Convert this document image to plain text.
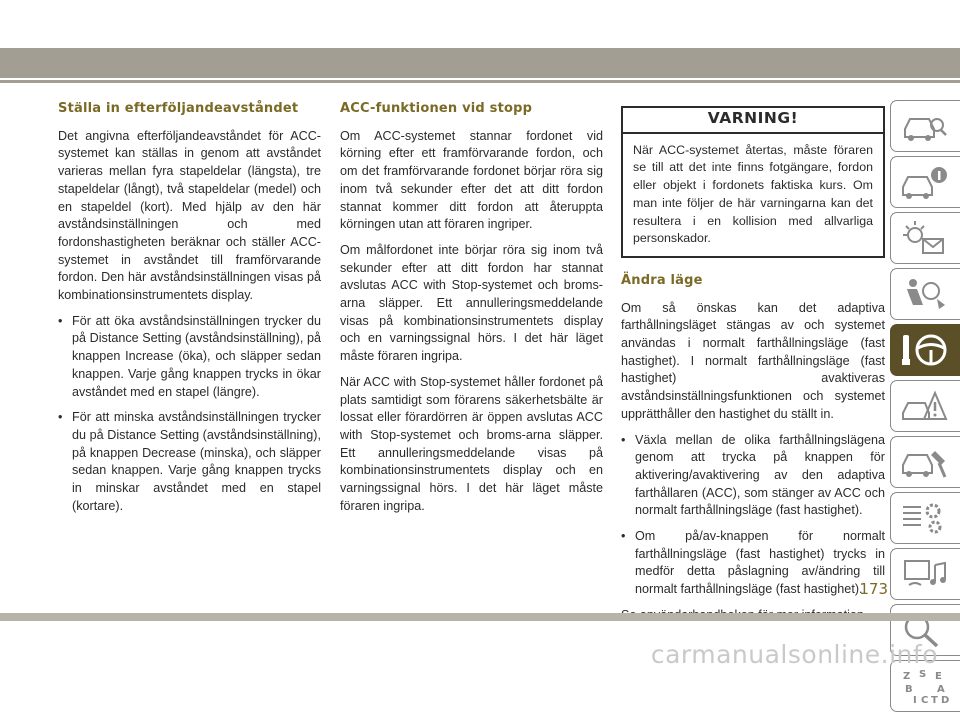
Ställa in efterföljandeavståndet

Det angivna efterföljandeavståndet för ACC-systemet kan ställas in genom att avståndet varieras mellan fyra stapeldelar (längsta), tre stapeldelar (långt), två stapeldelar (medel) och en stapeldel (kort). Med hjälp av den här avståndsinställningen och med fordonshastigheten beräknar och ställer ACC-systemet in avståndet till framförvarande fordon. Den här avståndsinställningen visas på kombinationsinstrumentets display.

• För att öka avståndsinställningen trycker du på Distance Setting (avståndsinställning), på knappen Increase (öka), och släpper sedan knappen. Varje gång knappen trycks in ökar avståndet med en stapel (längre).
• För att minska avståndsinställningen trycker du på Distance Setting (avståndsinställning), på knappen Decrease (minska), och släpper sedan knappen. Varje gång knappen trycks in minskar avståndet med en stapel (kortare).
ACC-funktionen vid stopp

Om ACC-systemet stannar fordonet vid körning efter ett framförvarande fordon, och om det framförvarande fordonet börjar röra sig inom två sekunder efter det att ditt fordon stannat kommer ditt fordon att återuppta körningen utan att föraren ingriper.

Om målfordonet inte börjar röra sig inom två sekunder efter att ditt fordon har stannat avslutas ACC with Stop-systemet och broms-arna släpper. Ett annulleringsmeddelande visas på kombinationsinstrumentets display och en varningssignal hörs. I det här läget måste föraren ingripa.

När ACC with Stop-systemet håller fordonet på plats samtidigt som förarens säkerhetsbälte är lossat eller förardörren är öppen avslutas ACC with Stop-systemet och broms-arna släpper. Ett annulleringsmeddelande visas på kombinationsinstrumentets display och en varningssignal hörs. I det här läget måste föraren ingripa.

VARNING!
När ACC-systemet återtas, måste föraren se till att det inte finns fotgängare, fordon eller objekt i fordonets faktiska kurs. Om man inte följer de här varningarna kan det resultera i en kollision med allvarliga personskador.
Ändra läge

Om så önskas kan det adaptiva farthållningsläget stängas av och systemet användas i normalt farthållningsläge (fast hastighet). I normalt farthållningsläge (fast hastighet) avaktiveras avståndsinställningsfunktionen och systemet upprätthåller den hastighet du ställt in.

• Växla mellan de olika farthållningslägena genom att trycka på knappen för aktivering/avaktivering av den adaptiva farthållaren (ACC), som stänger av ACC och normalt farthållningsläge (fast hastighet).
• Om på/av-knappen för normalt farthållningsläge (fast hastighet) trycks in medför detta påslagning av/ändring till normalt farthållningsläge (fast hastighet).

Z S E
B A
I C T D
173
carmanualsonline.info
